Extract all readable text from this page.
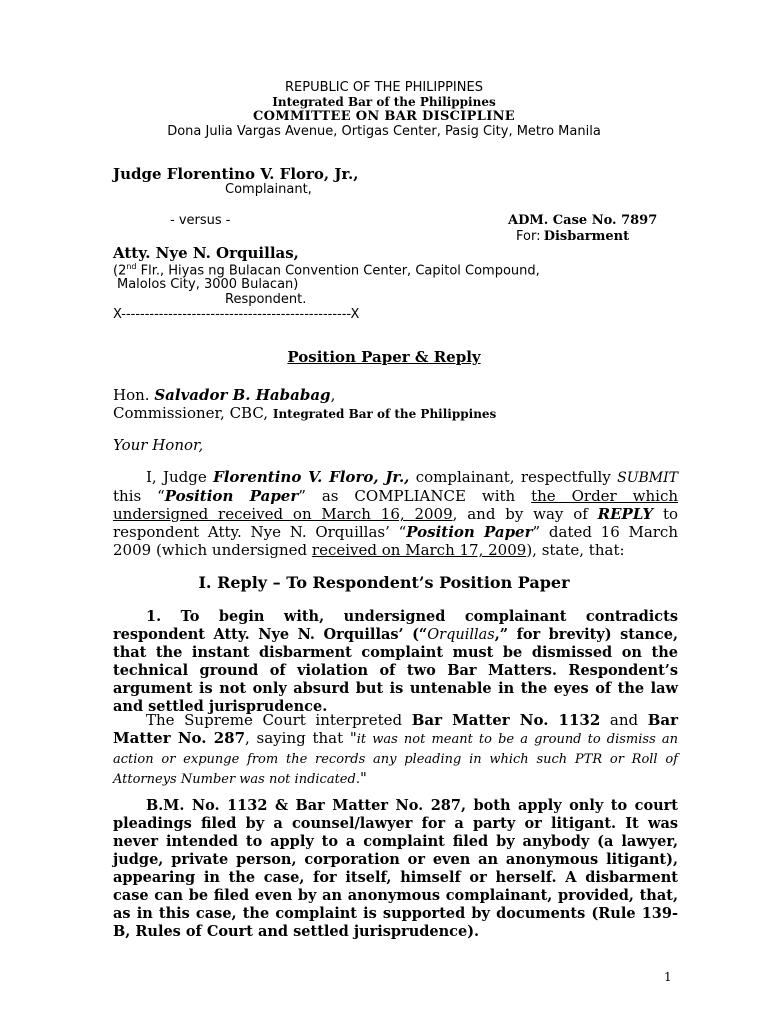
REPUBLIC OF THE PHILIPPINES
Integrated Bar of the Philippines
COMMITTEE ON BAR DISCIPLINE
Dona Julia Vargas Avenue, Ortigas Center, Pasig City, Metro Manila
Judge Florentino V. Floro, Jr.,
Complainant,
- versus -	ADM. Case No. 7897
For: Disbarment
Atty. Nye N. Orquillas,
(2nd Flr., Hiyas ng Bulacan Convention Center, Capitol Compound,
Malolos City, 3000 Bulacan)
Respondent.
X-------------------------------------------------X
Position Paper & Reply
Hon. Salvador B. Hababag,
Commissioner, CBC, Integrated Bar of the Philippines
Your Honor,

I, Judge Florentino V. Floro, Jr., complainant, respectfully SUBMIT this “Position Paper” as COMPLIANCE with the Order which undersigned received on March 16, 2009, and by way of REPLY to respondent Atty. Nye N. Orquillas’ “Position Paper” dated 16 March 2009 (which undersigned received on March 17, 2009), state, that:

I. Reply – To Respondent’s Position Paper

1. To begin with, undersigned complainant contradicts respondent Atty. Nye N. Orquillas’ (“Orquillas,” for brevity) stance, that the instant disbarment complaint must be dismissed on the technical ground of violation of two Bar Matters. Respondent’s argument is not only absurd but is untenable in the eyes of the law and settled jurisprudence.

The Supreme Court interpreted Bar Matter No. 1132 and Bar Matter No. 287, saying that "it was not meant to be a ground to dismiss an action or expunge from the records any pleading in which such PTR or Roll of Attorneys Number was not indicated."

B.M. No. 1132 & Bar Matter No. 287, both apply only to court pleadings filed by a counsel/lawyer for a party or litigant. It was never intended to apply to a complaint filed by anybody (a lawyer, judge, private person, corporation or even an anonymous litigant), appearing in the case, for itself, himself or herself. A disbarment case can be filed even by an anonymous complainant, provided, that, as in this case, the complaint is supported by documents (Rule 139-B, Rules of Court and settled jurisprudence).

1
